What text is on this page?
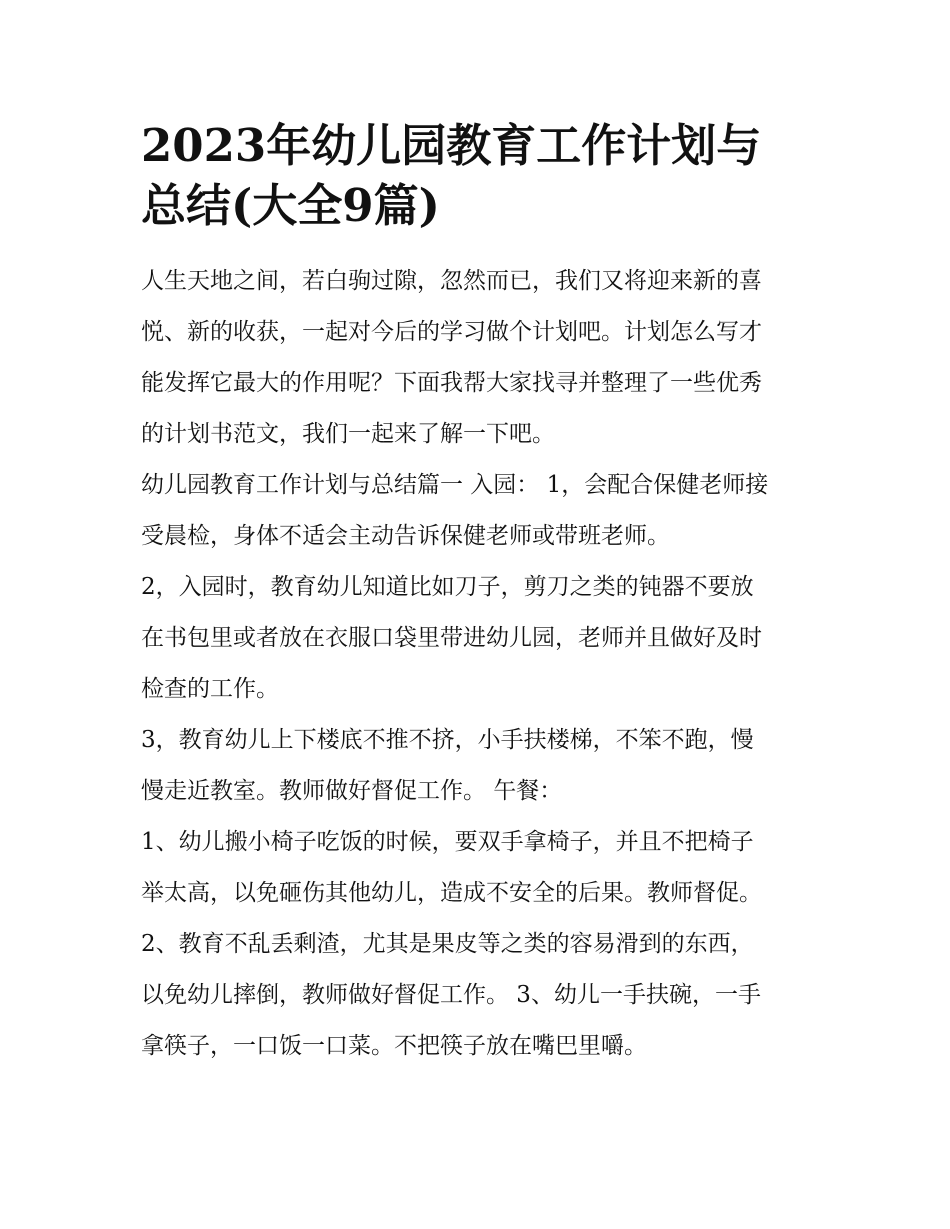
2023年幼儿园教育工作计划与
总结(大全9篇)

人生天地之间，若白驹过隙，忽然而已，我们又将迎来新的喜
悦、新的收获，一起对今后的学习做个计划吧。计划怎么写才
能发挥它最大的作用呢？下面我帮大家找寻并整理了一些优秀
的计划书范文，我们一起来了解一下吧。

幼儿园教育工作计划与总结篇一 入园： 1，会配合保健老师接
受晨检，身体不适会主动告诉保健老师或带班老师。

2，入园时，教育幼儿知道比如刀子，剪刀之类的钝器不要放
在书包里或者放在衣服口袋里带进幼儿园，老师并且做好及时
检查的工作。

3，教育幼儿上下楼底不推不挤，小手扶楼梯，不笨不跑，慢
慢走近教室。教师做好督促工作。 午餐：

1、幼儿搬小椅子吃饭的时候，要双手拿椅子，并且不把椅子
举太高，以免砸伤其他幼儿，造成不安全的后果。教师督促。

2、教育不乱丢剩渣，尤其是果皮等之类的容易滑到的东西，
以免幼儿摔倒，教师做好督促工作。 3、幼儿一手扶碗，一手
拿筷子，一口饭一口菜。不把筷子放在嘴巴里嚼。
